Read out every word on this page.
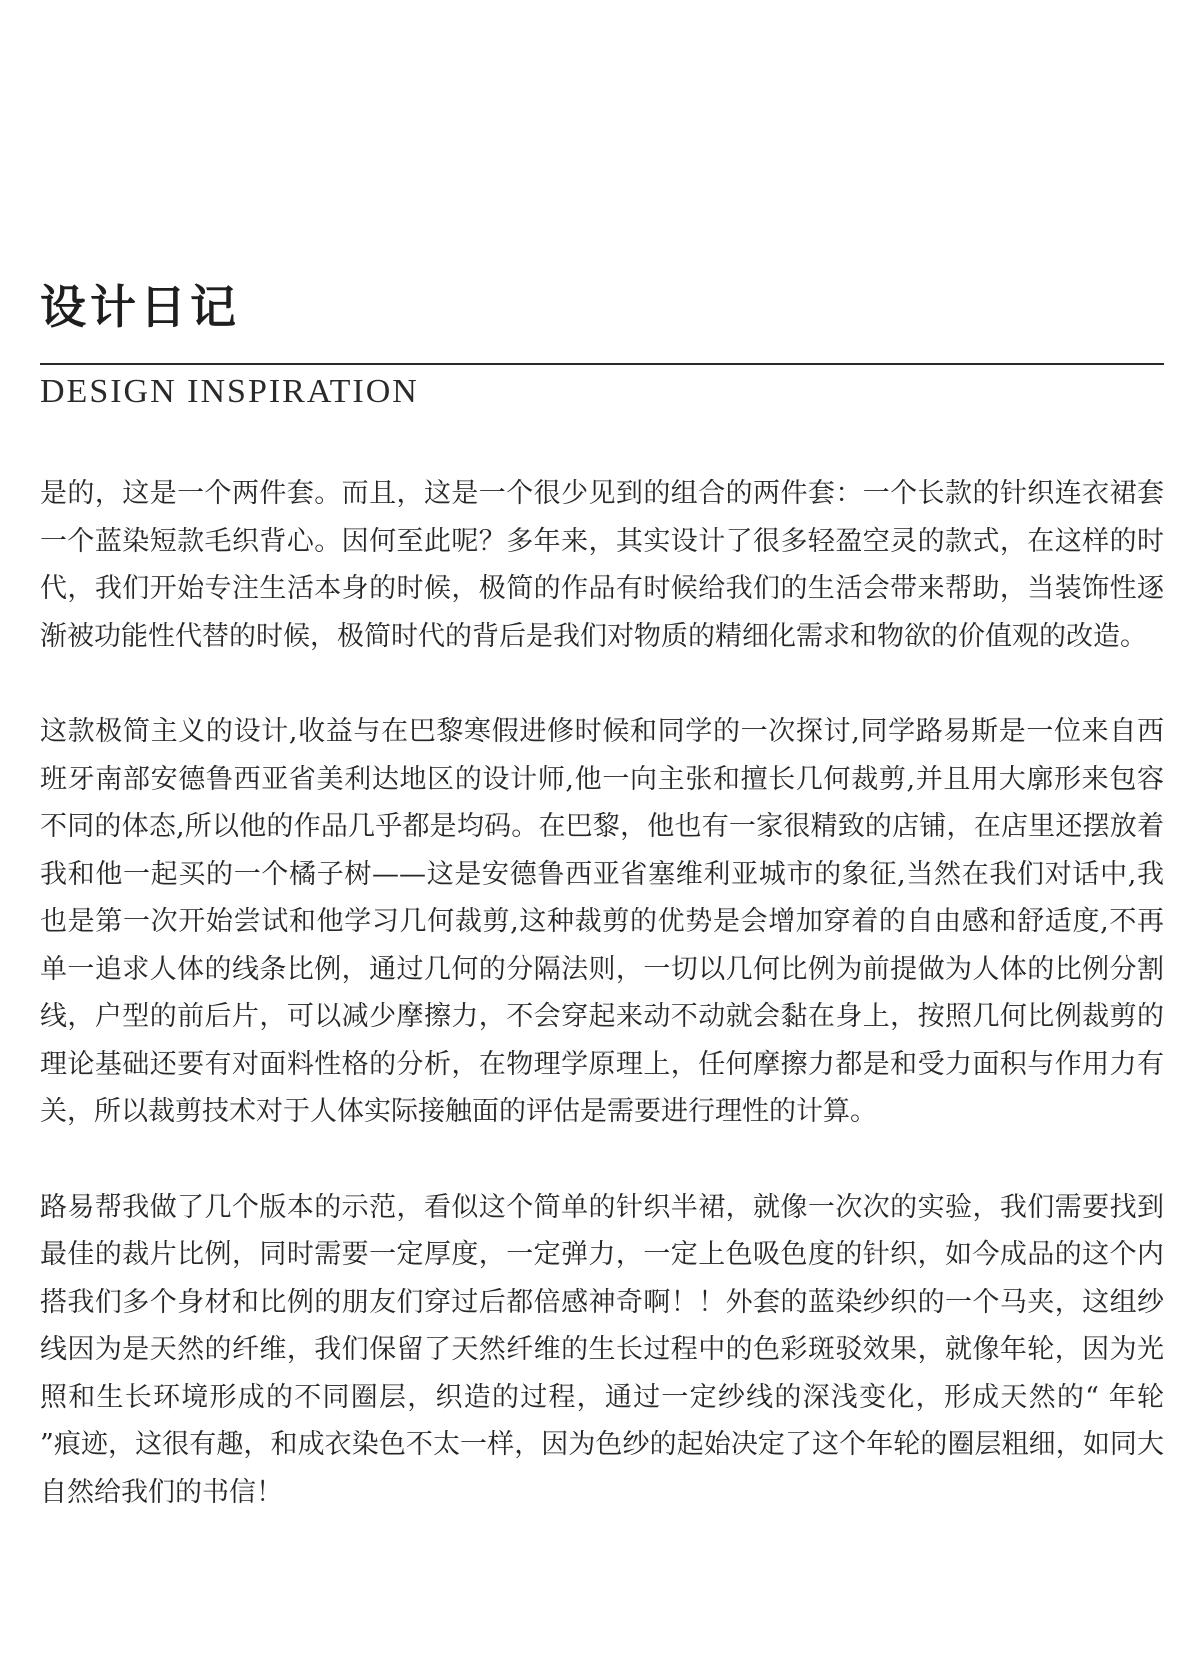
设计日记
DESIGN INSPIRATION

是的，这是一个两件套。而且，这是一个很少见到的组合的两件套：一个长款的针织连衣裙套一个蓝染短款毛织背心。因何至此呢？多年来，其实设计了很多轻盈空灵的款式，在这样的时代，我们开始专注生活本身的时候，极简的作品有时候给我们的生活会带来帮助，当装饰性逐渐被功能性代替的时候，极简时代的背后是我们对物质的精细化需求和物欲的价值观的改造。

这款极简主义的设计,收益与在巴黎寒假进修时候和同学的一次探讨,同学路易斯是一位来自西班牙南部安德鲁西亚省美利达地区的设计师,他一向主张和擅长几何裁剪,并且用大廓形来包容不同的体态,所以他的作品几乎都是均码。在巴黎，他也有一家很精致的店铺，在店里还摆放着我和他一起买的一个橘子树——这是安德鲁西亚省塞维利亚城市的象征,当然在我们对话中,我也是第一次开始尝试和他学习几何裁剪,这种裁剪的优势是会增加穿着的自由感和舒适度,不再单一追求人体的线条比例，通过几何的分隔法则，一切以几何比例为前提做为人体的比例分割线，户型的前后片，可以减少摩擦力，不会穿起来动不动就会黏在身上，按照几何比例裁剪的理论基础还要有对面料性格的分析，在物理学原理上，任何摩擦力都是和受力面积与作用力有关，所以裁剪技术对于人体实际接触面的评估是需要进行理性的计算。

路易帮我做了几个版本的示范，看似这个简单的针织半裙，就像一次次的实验，我们需要找到最佳的裁片比例，同时需要一定厚度，一定弹力，一定上色吸色度的针织，如今成品的这个内搭我们多个身材和比例的朋友们穿过后都倍感神奇啊！！外套的蓝染纱织的一个马夹，这组纱线因为是天然的纤维，我们保留了天然纤维的生长过程中的色彩斑驳效果，就像年轮，因为光照和生长环境形成的不同圈层，织造的过程，通过一定纱线的深浅变化，形成天然的“ 年轮 ”痕迹，这很有趣，和成衣染色不太一样，因为色纱的起始决定了这个年轮的圈层粗细，如同大自然给我们的书信！
